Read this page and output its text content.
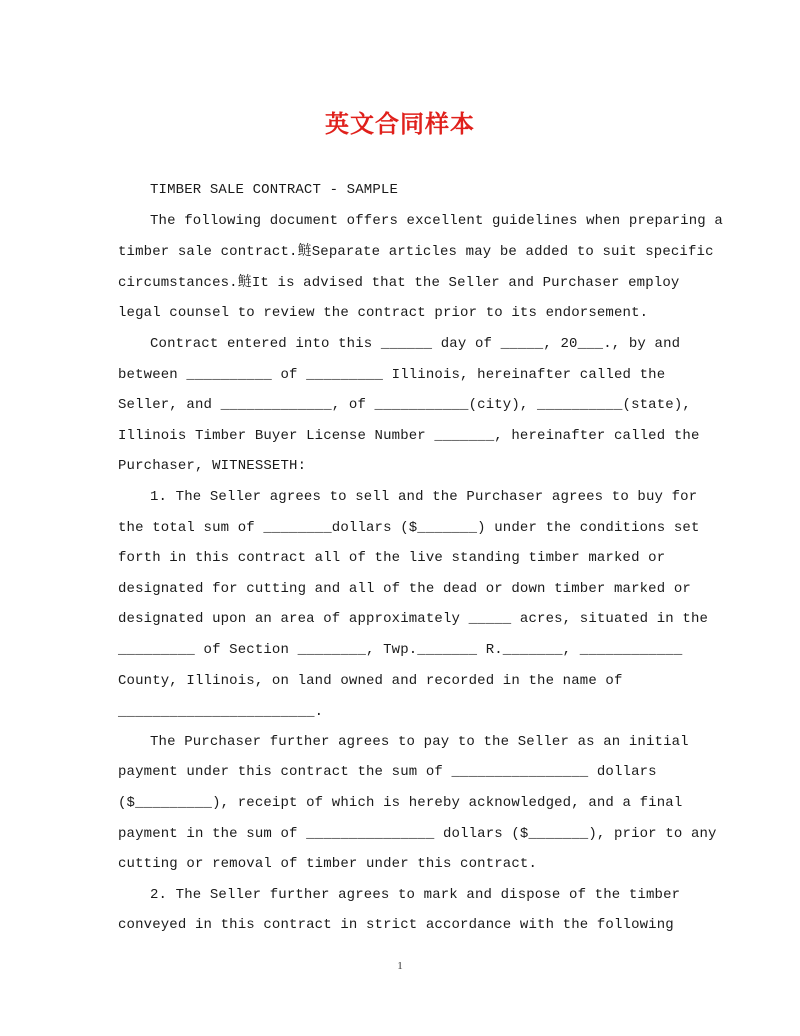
英文合同样本
TIMBER SALE CONTRACT - SAMPLE
The following document offers excellent guidelines when preparing a
timber sale contract.鲢Separate articles may be added to suit specific
circumstances.鲢It is advised that the Seller and Purchaser employ
legal counsel to review the contract prior to its endorsement.
Contract entered into this ______ day of _____, 20___., by and
between __________ of _________ Illinois, hereinafter called the
Seller, and _____________, of ___________(city), __________(state),
Illinois Timber Buyer License Number _______, hereinafter called the
Purchaser, WITNESSETH:
1. The Seller agrees to sell and the Purchaser agrees to buy for
the total sum of ________dollars ($_______) under the conditions set
forth in this contract all of the live standing timber marked or
designated for cutting and all of the dead or down timber marked or
designated upon an area of approximately _____ acres, situated in the
_________ of Section ________, Twp._______ R._______, ____________
County, Illinois, on land owned and recorded in the name of
_______________________.
The Purchaser further agrees to pay to the Seller as an initial
payment under this contract the sum of ________________ dollars
($_________), receipt of which is hereby acknowledged, and a final
payment in the sum of _______________ dollars ($_______), prior to any
cutting or removal of timber under this contract.
2. The Seller further agrees to mark and dispose of the timber
conveyed in this contract in strict accordance with the following
1
